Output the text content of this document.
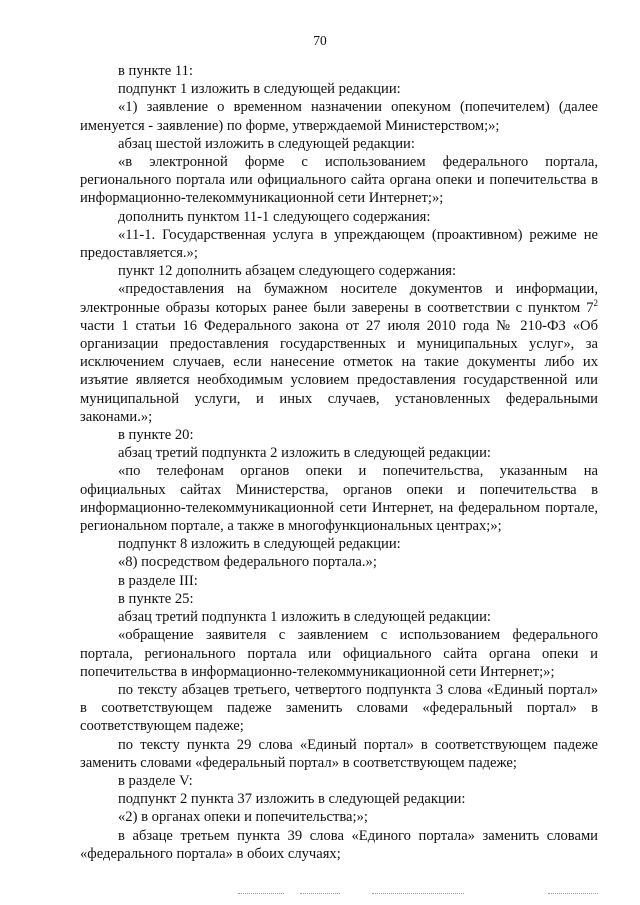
70

в пункте 11:

подпункт 1 изложить в следующей редакции:

«1) заявление о временном назначении опекуном (попечителем) (далее именуется - заявление) по форме, утверждаемой Министерством;»;

абзац шестой изложить в следующей редакции:

«в электронной форме с использованием федерального портала, регионального портала или официального сайта органа опеки и попечительства в информационно-телекоммуникационной сети Интернет;»;

дополнить пунктом 11-1 следующего содержания:

«11-1. Государственная услуга в упреждающем (проактивном) режиме не предоставляется.»;

пункт 12 дополнить абзацем следующего содержания:

«предоставления на бумажном носителе документов и информации, электронные образы которых ранее были заверены в соответствии с пунктом $7^2$ части 1 статьи 16 Федерального закона от 27 июля 2010 года № 210-ФЗ «Об организации предоставления государственных и муниципальных услуг», за исключением случаев, если нанесение отметок на такие документы либо их изъятие является необходимым условием предоставления государственной или муниципальной услуги, и иных случаев, установленных федеральными законами.»;

в пункте 20:

абзац третий подпункта 2 изложить в следующей редакции:

«по телефонам органов опеки и попечительства, указанным на официальных сайтах Министерства, органов опеки и попечительства в информационно-телекоммуникационной сети Интернет, на федеральном портале, региональном портале, а также в многофункциональных центрах;»;

подпункт 8 изложить в следующей редакции:

«8) посредством федерального портала.»;

в разделе III:

в пункте 25:

абзац третий подпункта 1 изложить в следующей редакции:

«обращение заявителя с заявлением с использованием федерального портала, регионального портала или официального сайта органа опеки и попечительства в информационно-телекоммуникационной сети Интернет;»;

по тексту абзацев третьего, четвертого подпункта 3 слова «Единый портал» в соответствующем падеже заменить словами «федеральный портал» в соответствующем падеже;

по тексту пункта 29 слова «Единый портал» в соответствующем падеже заменить словами «федеральный портал» в соответствующем падеже;

в разделе V:

подпункт 2 пункта 37 изложить в следующей редакции:

«2) в органах опеки и попечительства;»;

в абзаце третьем пункта 39 слова «Единого портала» заменить словами «федерального портала» в обоих случаях;
